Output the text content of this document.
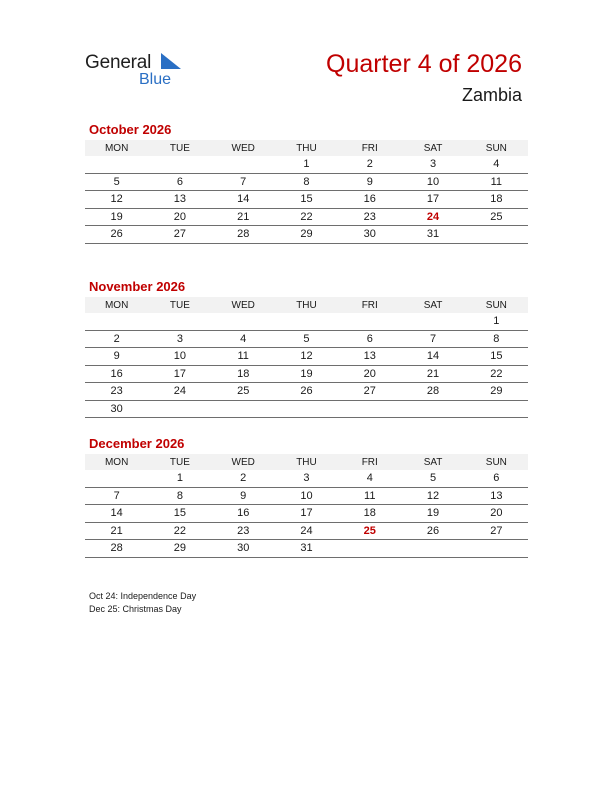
General
Blue
Quarter 4 of 2026
Zambia
October 2026
MON	TUE	WED	THU	FRI	SAT	SUN
			1	2	3	4
5	6	7	8	9	10	11
12	13	14	15	16	17	18
19	20	21	22	23	24	25
26	27	28	29	30	31	
November 2026
MON	TUE	WED	THU	FRI	SAT	SUN
						1
2	3	4	5	6	7	8
9	10	11	12	13	14	15
16	17	18	19	20	21	22
23	24	25	26	27	28	29
30						
December 2026
MON	TUE	WED	THU	FRI	SAT	SUN
	1	2	3	4	5	6
7	8	9	10	11	12	13
14	15	16	17	18	19	20
21	22	23	24	25	26	27
28	29	30	31			
Oct 24: Independence Day
Dec 25: Christmas Day
